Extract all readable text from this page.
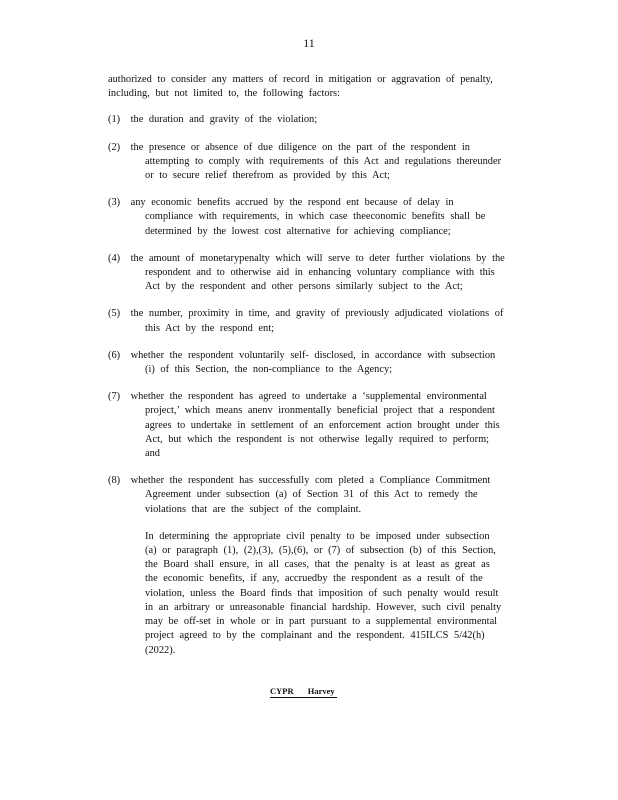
11

authorized to consider any matters of record in mitigation or aggravation of penalty, including, but not limited to, the following factors:

(1) the duration and gravity of the violation;
(2) the presence or absence of due diligence on the part of the respondent in attempting to comply with requirements of this Act and regulations thereunder or to secure relief therefrom as provided by this Act;
(3) any economic benefits accrued by the respond ent because of delay in compliance with requirements, in which case theeconomic benefits shall be determined by the lowest cost alternative for achieving compliance;
(4) the amount of monetarypenalty which will serve to deter further violations by the respondent and to otherwise aid in enhancing voluntary compliance with this Act by the respondent and other persons similarly subject to the Act;
(5) the number, proximity in time, and gravity of previously adjudicated violations of this Act by the respond ent;
(6) whether the respondent voluntarily self- disclosed, in accordance with subsection (i) of this Section, the non-compliance to the Agency;
(7) whether the respondent has agreed to undertake a ‘supplemental environmental project,’ which means anenv ironmentally beneficial project that a respondent agrees to undertake in settlement of an enforcement action brought under this Act, but which the respondent is not otherwise legally required to perform; and
(8) whether the respondent has successfully com pleted a Compliance Commitment Agreement under subsection (a) of Section 31 of this Act to remedy the violations that are the subject of the complaint.

In determining the appropriate civil penalty to be imposed under subsection (a) or paragraph (1), (2),(3), (5),(6), or (7) of subsection (b) of this Section, the Board shall ensure, in all cases, that the penalty is at least as great as the economic benefits, if any, accruedby the respondent as a result of the violation, unless the Board finds that imposition of such penalty would result in an arbitrary or unreasonable financial hardship. However, such civil penalty may be off-set in whole or in part pursuant to a supplemental environmental project agreed to by the complainant and the respondent. 415ILCS 5/42(h) (2022).

CYPR Harvey
